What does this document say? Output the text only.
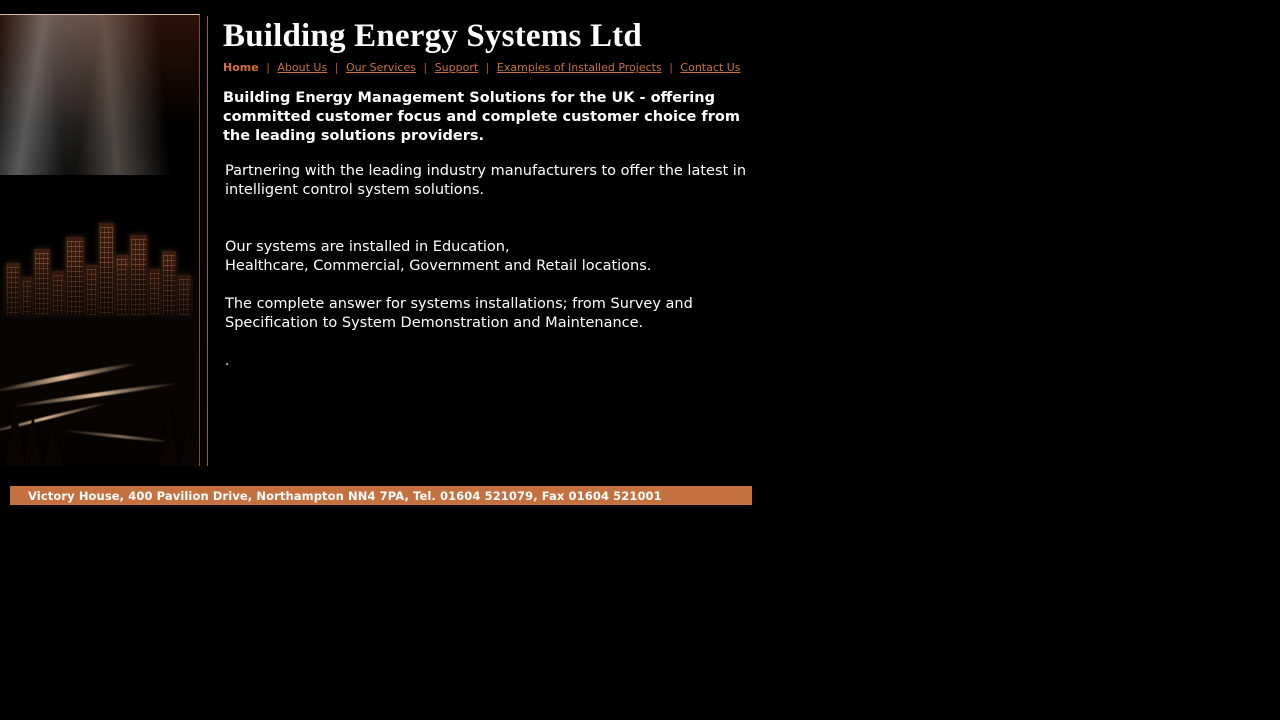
Building Energy Systems Ltd
Home | About Us | Our Services | Support | Examples of Installed Projects | Contact Us

Building Energy Management Solutions for the UK - offering committed customer focus and complete customer choice from the leading solutions providers.

Partnering with the leading industry manufacturers to offer the latest in intelligent control system solutions.

Our systems are installed in Education,
Healthcare, Commercial, Government and Retail locations.

The complete answer for systems installations; from Survey and Specification to System Demonstration and Maintenance.

.
Victory House, 400 Pavilion Drive, Northampton NN4 7PA, Tel. 01604 521079, Fax 01604 521001
